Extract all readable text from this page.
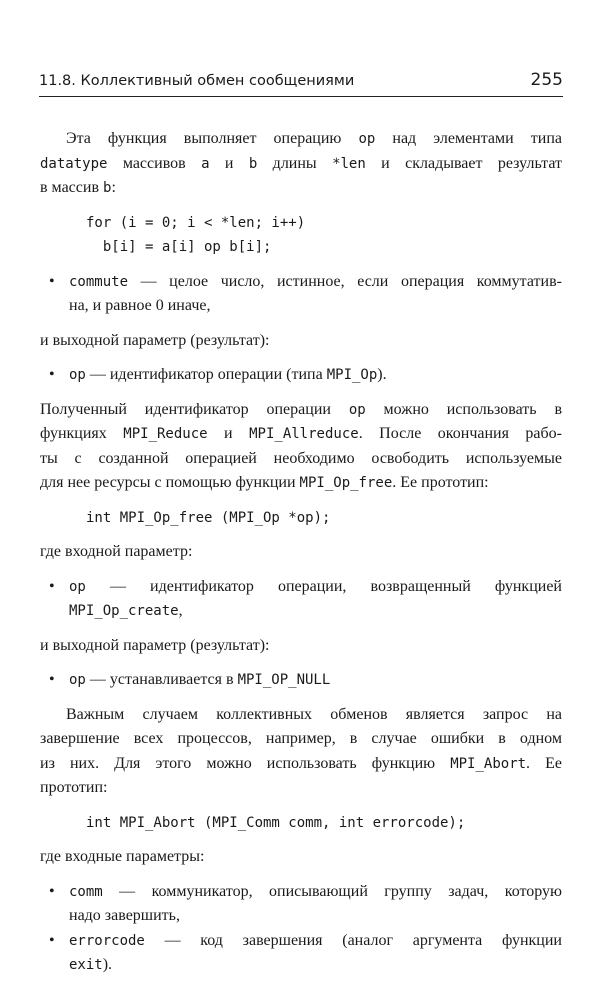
11.8. Коллективный обмен сообщениями	255
Эта функция выполняет операцию op над элементами типа
datatype массивов a и b длины *len и складывает результат
в массив b:
for (i = 0; i < *len; i++)
b[i] = a[i] op b[i];
• commute — целое число, истинное, если операция коммутатив-
на, и равное 0 иначе,
и выходной параметр (результат):
• op — идентификатор операции (типа MPI_Op).
Полученный идентификатор операции op можно использовать в
функциях MPI_Reduce и MPI_Allreduce. После окончания рабо-
ты с созданной операцией необходимо освободить используемые
для нее ресурсы с помощью функции MPI_Op_free. Ее прототип:
int MPI_Op_free (MPI_Op *op);
где входной параметр:
• op — идентификатор операции, возвращенный функцией
MPI_Op_create,
и выходной параметр (результат):
• op — устанавливается в MPI_OP_NULL
Важным случаем коллективных обменов является запрос на
завершение всех процессов, например, в случае ошибки в одном
из них. Для этого можно использовать функцию MPI_Abort. Ее
прототип:
int MPI_Abort (MPI_Comm comm, int errorcode);
где входные параметры:
• comm — коммуникатор, описывающий группу задач, которую
надо завершить,
• errorcode — код завершения (аналог аргумента функции
exit).
